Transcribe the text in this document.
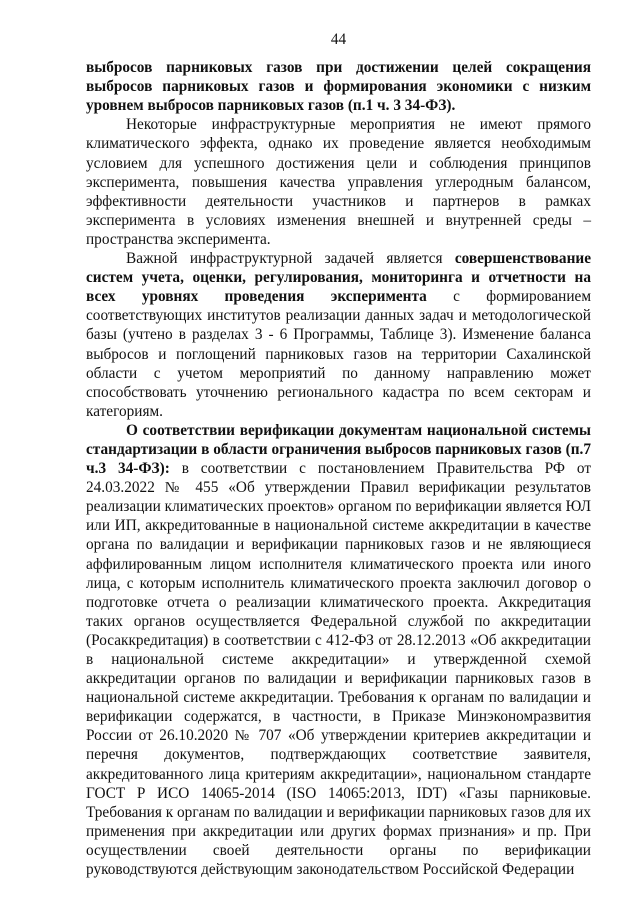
44

выбросов парниковых газов при достижении целей сокращения выбросов парниковых газов и формирования экономики с низким уровнем выбросов парниковых газов (п.1 ч. 3 34-ФЗ).

Некоторые инфраструктурные мероприятия не имеют прямого климатического эффекта, однако их проведение является необходимым условием для успешного достижения цели и соблюдения принципов эксперимента, повышения качества управления углеродным балансом, эффективности деятельности участников и партнеров в рамках эксперимента в условиях изменения внешней и внутренней среды – пространства эксперимента.

Важной инфраструктурной задачей является совершенствование систем учета, оценки, регулирования, мониторинга и отчетности на всех уровнях проведения эксперимента с формированием соответствующих институтов реализации данных задач и методологической базы (учтено в разделах 3 - 6 Программы, Таблице 3). Изменение баланса выбросов и поглощений парниковых газов на территории Сахалинской области с учетом мероприятий по данному направлению может способствовать уточнению регионального кадастра по всем секторам и категориям.

О соответствии верификации документам национальной системы стандартизации в области ограничения выбросов парниковых газов (п.7 ч.3 34-ФЗ): в соответствии с постановлением Правительства РФ от 24.03.2022 № 455 «Об утверждении Правил верификации результатов реализации климатических проектов» органом по верификации является ЮЛ или ИП, аккредитованные в национальной системе аккредитации в качестве органа по валидации и верификации парниковых газов и не являющиеся аффилированным лицом исполнителя климатического проекта или иного лица, с которым исполнитель климатического проекта заключил договор о подготовке отчета о реализации климатического проекта. Аккредитация таких органов осуществляется Федеральной службой по аккредитации (Росаккредитация) в соответствии с 412-ФЗ от 28.12.2013 «Об аккредитации в национальной системе аккредитации» и утвержденной схемой аккредитации органов по валидации и верификации парниковых газов в национальной системе аккредитации. Требования к органам по валидации и верификации содержатся, в частности, в Приказе Минэкономразвития России от 26.10.2020 № 707 «Об утверждении критериев аккредитации и перечня документов, подтверждающих соответствие заявителя, аккредитованного лица критериям аккредитации», национальном стандарте ГОСТ Р ИСО 14065-2014 (ISO 14065:2013, IDT) «Газы парниковые. Требования к органам по валидации и верификации парниковых газов для их применения при аккредитации или других формах признания» и пр. При осуществлении своей деятельности органы по верификации руководствуются действующим законодательством Российской Федерации
